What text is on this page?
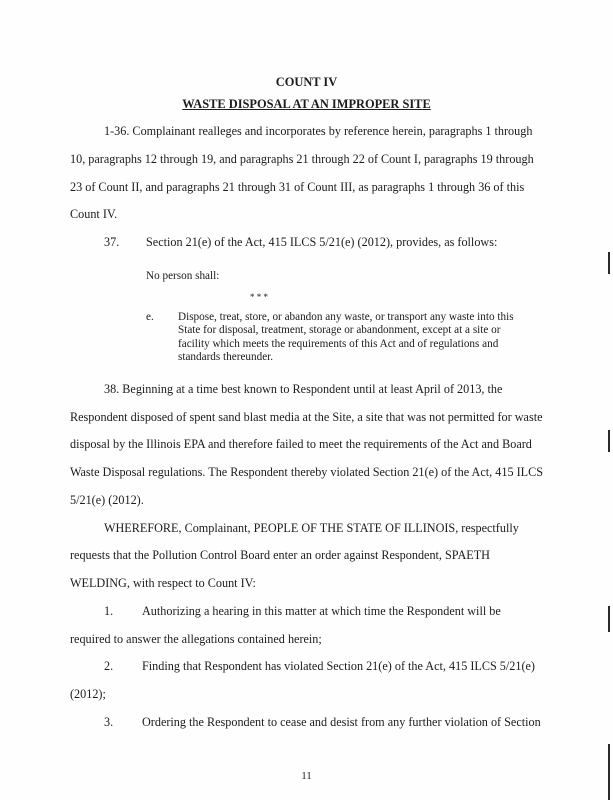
COUNT IV
WASTE DISPOSAL AT AN IMPROPER SITE
1-36. Complainant realleges and incorporates by reference herein, paragraphs 1 through
10, paragraphs 12 through 19, and paragraphs 21 through 22 of Count I, paragraphs 19 through
23 of Count II, and paragraphs 21 through 31 of Count III, as paragraphs 1 through 36 of this
Count IV.
37. Section 21(e) of the Act, 415 ILCS 5/21(e) (2012), provides, as follows:
No person shall:
* * *
e. Dispose, treat, store, or abandon any waste, or transport any waste into this
State for disposal, treatment, storage or abandonment, except at a site or
facility which meets the requirements of this Act and of regulations and
standards thereunder.
38. Beginning at a time best known to Respondent until at least April of 2013, the
Respondent disposed of spent sand blast media at the Site, a site that was not permitted for waste
disposal by the Illinois EPA and therefore failed to meet the requirements of the Act and Board
Waste Disposal regulations. The Respondent thereby violated Section 21(e) of the Act, 415 ILCS
5/21(e) (2012).
WHEREFORE, Complainant, PEOPLE OF THE STATE OF ILLINOIS, respectfully
requests that the Pollution Control Board enter an order against Respondent, SPAETH
WELDING, with respect to Count IV:
1. Authorizing a hearing in this matter at which time the Respondent will be
required to answer the allegations contained herein;
2. Finding that Respondent has violated Section 21(e) of the Act, 415 ILCS 5/21(e)
(2012);
3. Ordering the Respondent to cease and desist from any further violation of Section
11
